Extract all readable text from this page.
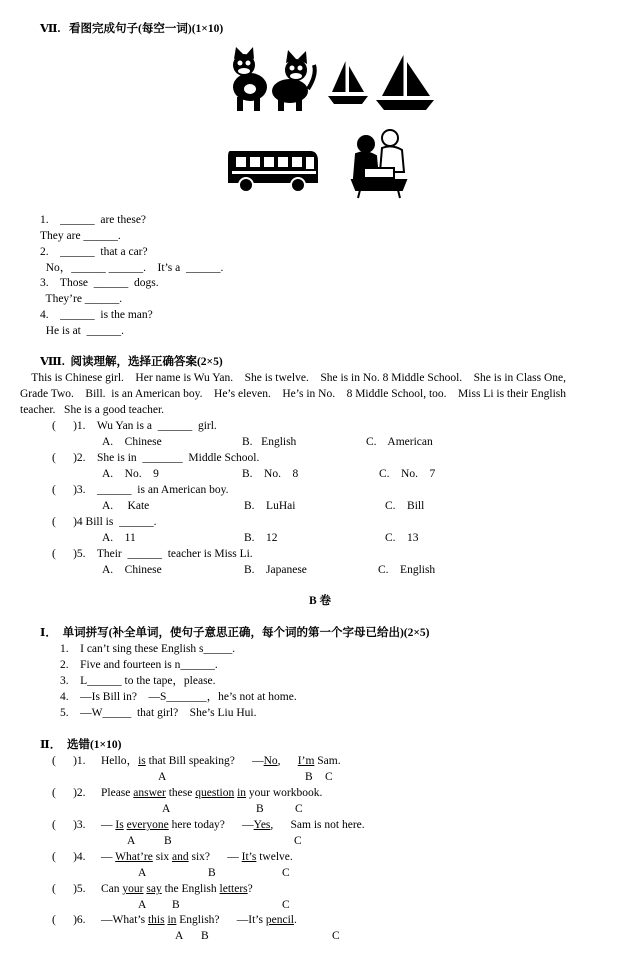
Ⅶ.   看图完成句子(每空一词)(1×10)
1.    ______  are these?
They are ______.
2.    ______  that a car?
No，______ ______.    It’s a  ______.
3.    Those  ______  dogs.
They’re ______.
4.    ______  is the man?
He is at  ______.
Ⅷ.  阅读理解，选择正确答案(2×5)
This is Chinese girl.    Her name is Wu Yan.    She is twelve.    She is in No. 8 Middle School.    She is in Class One,
Grade Two.    Bill.  is an American boy.    He’s eleven.    He’s in No.    8 Middle School, too.    Miss Li is their English
teacher.   She is a good teacher.
(      )1.    Wu Yan is a  ______  girl.
A.    Chinese	B.   English	C.    American
(      )2.    She is in  _______  Middle School.
A.    No.    9	B.    No.    8	C.    No.    7
(      )3.    ______  is an American boy.
A.     Kate	B.    LuHai	C.    Bill
(      )4 Bill is  ______.
A.    11	B.    12	C.    13
(      )5.    Their  ______  teacher is Miss Li.
A.    Chinese	B.    Japanese	C.    English
B 卷
Ⅰ．  单词拼写(补全单词，使句子意思正确，每个词的第一个字母已给出)(2×5)
1.    I can’t sing these English s_____.
2.    Five and fourteen is n______.
3.    L______ to the tape，please.
4.    —Is Bill in?    —S_______，he’s not at home.
5.    —W_____  that girl?    She’s Liu Hui.
Ⅱ．  选错(1×10)
(      )1. Hello，is that Bill speaking?      —No,      I’m Sam.
A	B C
(      )2. Please answer these question in your workbook.
A	B	C
(      )3. — Is everyone here today?      —Yes,      Sam is not here.
A B	C
(      )4. — What’re six and six?      — It’s twelve.
A	B	C
(      )5. Can your say the English letters?
A B	C
(      )6. —What’s this in English?      —It’s pencil.
A B	C
